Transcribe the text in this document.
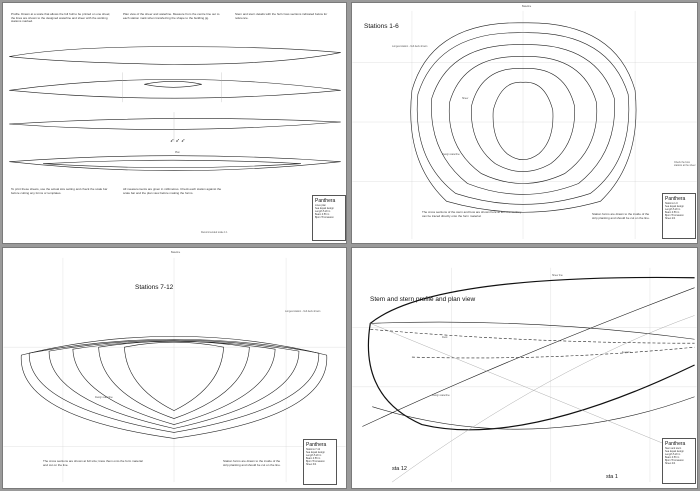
➶ ➶ ➶
Profile. Drawn at a scale that allows the full hull to be printed on one sheet; the lines are shown to the designed waterline and sheer with the working stations marked.
Plan view of the sheer and waterline. Measure from the centre line out to each station mark when transferring the shape to the building jig.
Stem and stern details with the hull cross sections indicated below for reference.
To print these sheets, use the actual size setting and check the scale bar before cutting any forms or templates.
All measurements are given in millimetres. Check each station against the scale bar and the plan view before making the forms.
Recommended scale 1:1
Plan
Panthera
Lines plan
Sea kayak design
Length 5.20 m
Beam 0.56 m
Bjorn Thomasson
Baseline
Stations 1-6
Longest station - hull deck shown
Sheer
Design waterline
Check the bow stations at the sheer
The cross sections of the stern and bow are shown here at full size so they can be traced directly onto the form material.	Station forms are drawn to the inside of the strip planking and should be cut on the line.
Panthera
Stations 1-6
Sea kayak design
Length 5.20 m
Beam 0.56 m
Bjorn Thomasson
Sheet 2/4
Baseline
Stations 7-12
Longest station - hull deck shown
Design waterline
The cross sections are shown at full size; trace them onto the form material and cut on the line.
Station forms are drawn to the inside of the strip planking and should be cut on the line.
Panthera
Stations 7-12
Sea kayak design
Length 5.20 m
Beam 0.56 m
Bjorn Thomasson
Sheet 3/4
Stem and stern profile and plan view
Sheer line
Deck
Keel line
Design waterline
sta 12
sta 1
Panthera
Stem and stern
Sea kayak design
Length 5.20 m
Beam 0.56 m
Bjorn Thomasson
Sheet 4/4
